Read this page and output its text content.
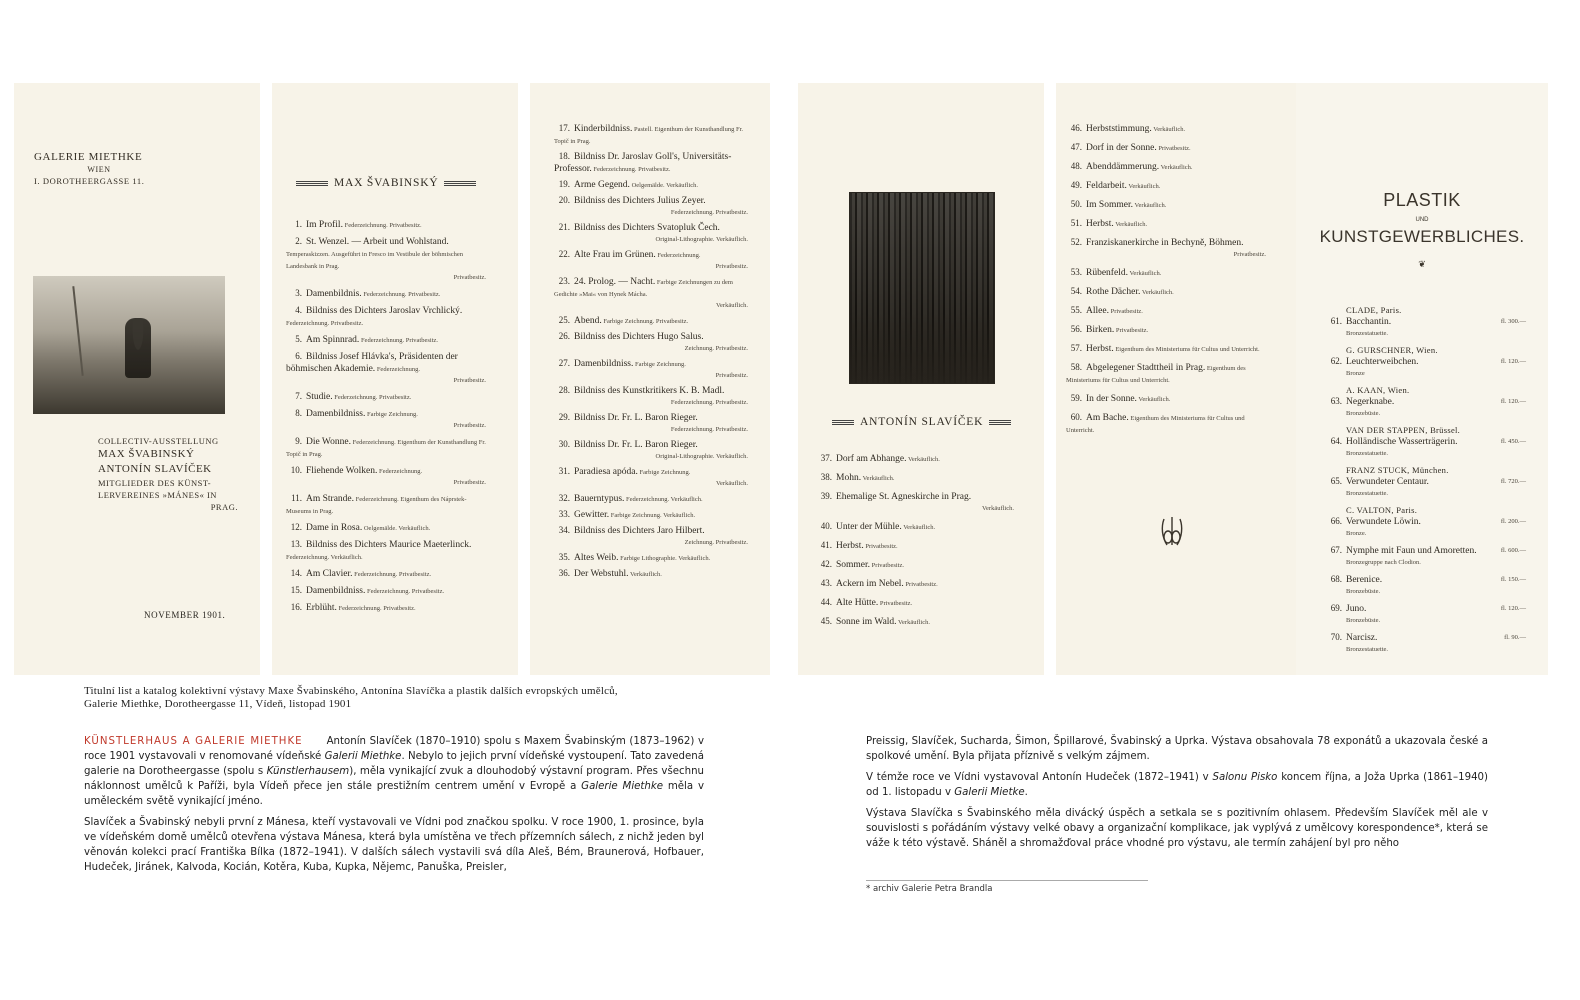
GALERIE MIETHKE
WIEN
I. DOROTHEERGASSE 11.
COLLECTIV-AUSSTELLUNG
MAX ŠVABINSKÝ
ANTONÍN SLAVÍČEK
MITGLIEDER DES KÜNST-
LERVEREINES »MÁNES« IN
PRAG.
NOVEMBER 1901.
MAX ŠVABINSKÝ
1. Im Profil. Federzeichnung. Privatbesitz.
2. St. Wenzel. — Arbeit und Wohlstand. Temperaskizzen. Ausgeführt in Fresco im Vestibule der böhmischen Landesbank in Prag.
Privatbesitz.
3. Damenbildnis. Federzeichnung. Privatbesitz.
4. Bildniss des Dichters Jaroslav Vrchlický. Federzeichnung. Privatbesitz.
5. Am Spinnrad. Federzeichnung. Privatbesitz.
6. Bildniss Josef Hlávka's, Präsidenten der böhmischen Akademie. Federzeichnung.
Privatbesitz.
7. Studie. Federzeichnung. Privatbesitz.
8. Damenbildniss. Farbige Zeichnung.
Privatbesitz.
9. Die Wonne. Federzeichnung. Eigenthum der Kunsthandlung Fr. Topič in Prag.
10. Fliehende Wolken. Federzeichnung.
Privatbesitz.
11. Am Strande. Federzeichnung. Eigenthum des Náprstek-Museums in Prag.
12. Dame in Rosa. Oelgemälde. Verkäuflich.
13. Bildniss des Dichters Maurice Maeterlinck. Federzeichnung. Verkäuflich.
14. Am Clavier. Federzeichnung. Privatbesitz.
15. Damenbildniss. Federzeichnung. Privatbesitz.
16. Erblüht. Federzeichnung. Privatbesitz.
17. Kinderbildniss. Pastell. Eigenthum der Kunsthandlung Fr. Topič in Prag.
18. Bildniss Dr. Jaroslav Goll's, Universitäts-Professor. Federzeichnung. Privatbesitz.
19. Arme Gegend. Oelgemälde. Verkäuflich.
20. Bildniss des Dichters Julius Zeyer.
Federzeichnung. Privatbesitz.
21. Bildniss des Dichters Svatopluk Čech.
Original-Lithographie. Verkäuflich.
22. Alte Frau im Grünen. Federzeichnung.
Privatbesitz.
23. 24. Prolog. — Nacht. Farbige Zeichnungen zu dem Gedichte »Mai« von Hynek Mácha.
Verkäuflich.
25. Abend. Farbige Zeichnung. Privatbesitz.
26. Bildniss des Dichters Hugo Salus.
Zeichnung. Privatbesitz.
27. Damenbildniss. Farbige Zeichnung.
Privatbesitz.
28. Bildniss des Kunstkritikers K. B. Madl.
Federzeichnung. Privatbesitz.
29. Bildniss Dr. Fr. L. Baron Rieger.
Federzeichnung. Privatbesitz.
30. Bildniss Dr. Fr. L. Baron Rieger.
Original-Lithographie. Verkäuflich.
31. Paradiesa apóda. Farbige Zeichnung.
Verkäuflich.
32. Bauerntypus. Federzeichnung. Verkäuflich.
33. Gewitter. Farbige Zeichnung. Verkäuflich.
34. Bildniss des Dichters Jaro Hilbert.
Zeichnung. Privatbesitz.
35. Altes Weib. Farbige Lithographie. Verkäuflich.
36. Der Webstuhl. Verkäuflich.
ANTONÍN SLAVÍČEK
37. Dorf am Abhange. Verkäuflich.
38. Mohn. Verkäuflich.
39. Ehemalige St. Agneskirche in Prag.
Verkäuflich.
40. Unter der Mühle. Verkäuflich.
41. Herbst. Privatbesitz.
42. Sommer. Privatbesitz.
43. Ackern im Nebel. Privatbesitz.
44. Alte Hütte. Privatbesitz.
45. Sonne im Wald. Verkäuflich.
46. Herbststimmung. Verkäuflich.
47. Dorf in der Sonne. Privatbesitz.
48. Abenddämmerung. Verkäuflich.
49. Feldarbeit. Verkäuflich.
50. Im Sommer. Verkäuflich.
51. Herbst. Verkäuflich.
52. Franziskanerkirche in Bechyně, Böhmen.
Privatbesitz.
53. Rübenfeld. Verkäuflich.
54. Rothe Dächer. Verkäuflich.
55. Allee. Privatbesitz.
56. Birken. Privatbesitz.
57. Herbst. Eigenthum des Ministeriums für Cultus und Unterricht.
58. Abgelegener Stadttheil in Prag. Eigenthum des Ministeriums für Cultus und Unterricht.
59. In der Sonne. Verkäuflich.
60. Am Bache. Eigenthum des Ministeriums für Cultus und Unterricht.
PLASTIK
UND
KUNSTGEWERBLICHES.
❦
CLADE, Paris.
61. Bacchantin.	fl. 300.—
Bronzestatuette.
G. GURSCHNER, Wien.
62. Leuchterweibchen.	fl. 120.—
Bronze
A. KAAN, Wien.
63. Negerknabe.	fl. 120.—
Bronzebüste.
VAN DER STAPPEN, Brüssel.
64. Holländische Wasserträgerin.	fl. 450.—
Bronzestatuette.
FRANZ STUCK, München.
65. Verwundeter Centaur.	fl. 720.—
Bronzestatuette.
C. VALTON, Paris.
66. Verwundete Löwin.	fl. 200.—
Bronze.
67. Nymphe mit Faun und Amoretten.	fl. 600.—
Bronzegruppe nach Clodion.
68. Berenice.	fl. 150.—
Bronzebüste.
69. Juno.	fl. 120.—
Bronzebüste.
70. Narcisz.	fl. 90.—
Bronzestatuette.
Titulní list a katalog kolektivní výstavy Maxe Švabinského, Antonína Slavíčka a plastik dalších evropských umělců,
Galerie Miethke, Dorotheergasse 11, Vídeň, listopad 1901

KÜNSTLERHAUS A GALERIE MIETHKE Antonín Slavíček (1870–1910) spolu s Maxem Švabinským (1873–1962) v roce 1901 vystavovali v renomované vídeňské Galerii Miethke. Nebylo to jejich první vídeňské vystoupení. Tato zavedená galerie na Dorotheergasse (spolu s Künstlerhausem), měla vynikající zvuk a dlouhodobý výstavní program. Přes všechnu náklonnost umělců k Paříži, byla Vídeň přece jen stále prestižním centrem umění v Evropě a Galerie Miethke měla v uměleckém světě vynikající jméno.

Slavíček a Švabinský nebyli první z Mánesa, kteří vystavovali ve Vídni pod značkou spolku. V roce 1900, 1. prosince, byla ve vídeňském domě umělců otevřena výstava Mánesa, která byla umístěna ve třech přízemních sálech, z nichž jeden byl věnován kolekci prací Františka Bílka (1872–1941). V dalších sálech vystavili svá díla Aleš, Bém, Braunerová, Hofbauer, Hudeček, Jiránek, Kalvoda, Kocián, Kotěra, Kuba, Kupka, Nějemc, Panuška, Preisler,

Preissig, Slavíček, Sucharda, Šimon, Špillarové, Švabinský a Uprka. Výstava obsahovala 78 exponátů a ukazovala české a spolkové umění. Byla přijata příznivě s velkým zájmem.

V témže roce ve Vídni vystavoval Antonín Hudeček (1872–1941) v Salonu Pisko koncem října, a Joža Uprka (1861–1940) od 1. listopadu v Galerii Mietke.

Výstava Slavíčka s Švabinského měla divácký úspěch a setkala se s pozitivním ohlasem. Především Slavíček měl ale v souvislosti s pořádáním výstavy velké obavy a organizační komplikace, jak vyplývá z umělcovy korespondence*, která se váže k této výstavě. Sháněl a shromažďoval práce vhodné pro výstavu, ale termín zahájení byl pro něho

* archiv Galerie Petra Brandla
